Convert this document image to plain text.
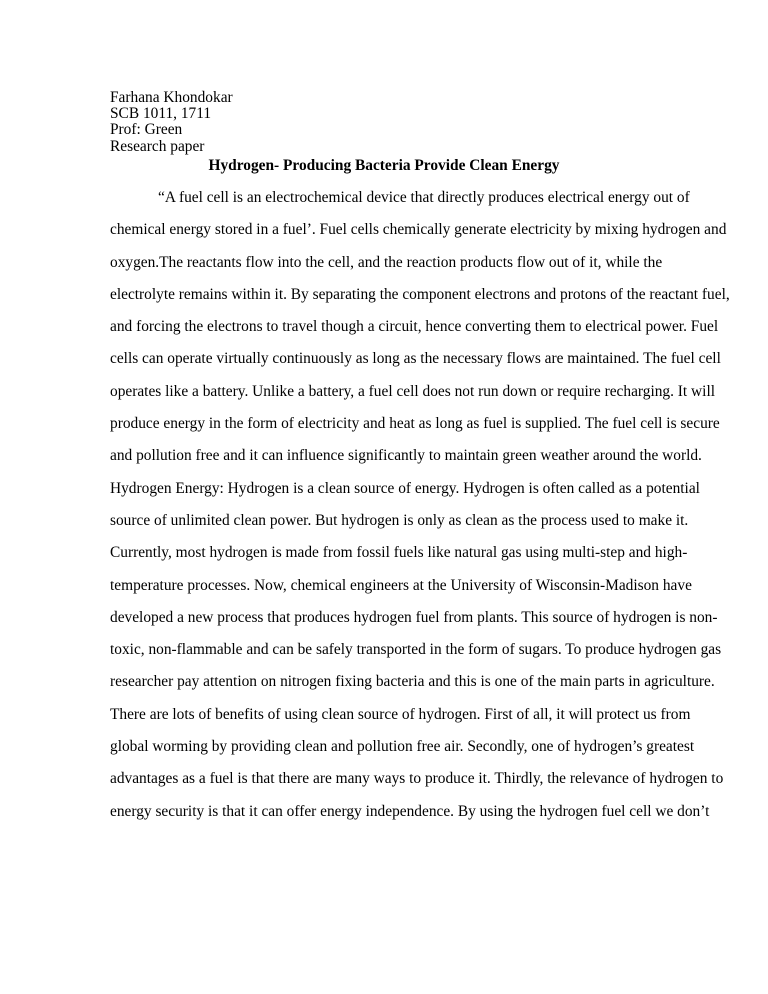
Farhana Khondokar
SCB 1011, 1711
Prof: Green
Research paper
Hydrogen- Producing Bacteria Provide Clean Energy
“A fuel cell is an electrochemical device that directly produces electrical energy out of
chemical energy stored in a fuel’. Fuel cells chemically generate electricity by mixing hydrogen and
oxygen.The reactants flow into the cell, and the reaction products flow out of it, while the
electrolyte remains within it. By separating the component electrons and protons of the reactant fuel,
and forcing the electrons to travel though a circuit, hence converting them to electrical power. Fuel
cells can operate virtually continuously as long as the necessary flows are maintained. The fuel cell
operates like a battery. Unlike a battery, a fuel cell does not run down or require recharging. It will
produce energy in the form of electricity and heat as long as fuel is supplied. The fuel cell is secure
and pollution free and it can influence significantly to maintain green weather around the world.
Hydrogen Energy: Hydrogen is a clean source of energy. Hydrogen is often called as a potential
source of unlimited clean power. But hydrogen is only as clean as the process used to make it.
Currently, most hydrogen is made from fossil fuels like natural gas using multi-step and high-
temperature processes. Now, chemical engineers at the University of Wisconsin-Madison have
developed a new process that produces hydrogen fuel from plants. This source of hydrogen is non-
toxic, non-flammable and can be safely transported in the form of sugars. To produce hydrogen gas
researcher pay attention on nitrogen fixing bacteria and this is one of the main parts in agriculture.
There are lots of benefits of using clean source of hydrogen. First of all, it will protect us from
global worming by providing clean and pollution free air. Secondly, one of hydrogen’s greatest
advantages as a fuel is that there are many ways to produce it. Thirdly, the relevance of hydrogen to
energy security is that it can offer energy independence. By using the hydrogen fuel cell we don’t
